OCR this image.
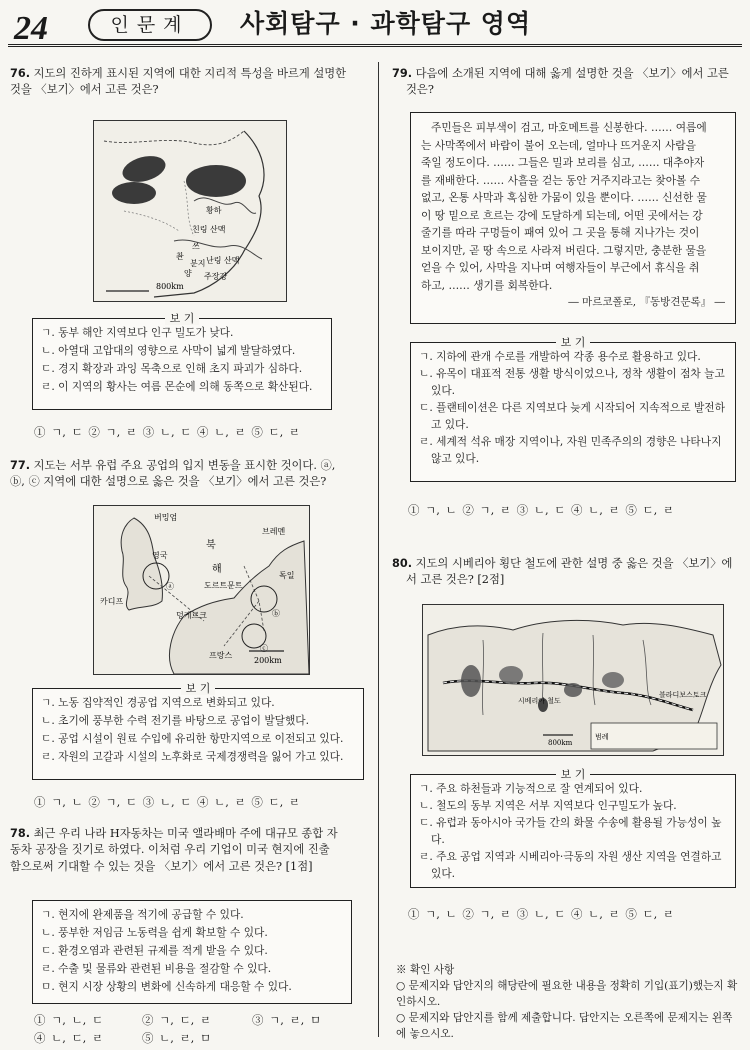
24	인문계	사회탐구 · 과학탐구 영역
76. 지도의 진하게 표시된 지역에 대한 지리적 특성을 바르게 설명한
것을 〈보기〉에서 고른 것은?
황하
친링 산맥
쓰
촨
분지 난링 산맥
주장강
양
800km
보 기
ㄱ. 동부 해안 지역보다 인구 밀도가 낮다.
ㄴ. 아열대 고압대의 영향으로 사막이 넓게 발달하였다.
ㄷ. 경지 확장과 과잉 목축으로 인해 초지 파괴가 심하다.
ㄹ. 이 지역의 황사는 여름 몬순에 의해 동쪽으로 확산된다.
① ㄱ, ㄷ ② ㄱ, ㄹ ③ ㄴ, ㄷ ④ ㄴ, ㄹ ⑤ ㄷ, ㄹ
77. 지도는 서부 유럽 주요 공업의 입지 변동을 표시한 것이다. ⓐ,
ⓑ, ⓒ 지역에 대한 설명으로 옳은 것을 〈보기〉에서 고른 것은?
버밍엄
북
해
브레멘
영국
도르트문트
독일
카디프
덩케르크
프랑스
200km
ⓐ
ⓑ
ⓒ
보 기
ㄱ. 노동 집약적인 경공업 지역으로 변화되고 있다.
ㄴ. 초기에 풍부한 수력 전기를 바탕으로 공업이 발달했다.
ㄷ. 공업 시설이 원료 수입에 유리한 항만지역으로 이전되고 있다.
ㄹ. 자원의 고갈과 시설의 노후화로 국제경쟁력을 잃어 가고 있다.
① ㄱ, ㄴ ② ㄱ, ㄷ ③ ㄴ, ㄷ ④ ㄴ, ㄹ ⑤ ㄷ, ㄹ
78. 최근 우리 나라 H자동차는 미국 앨라배마 주에 대규모 종합 자
동차 공장을 짓기로 하였다. 이처럼 우리 기업이 미국 현지에 진출
함으로써 기대할 수 있는 것을 〈보기〉에서 고른 것은? [1점]
ㄱ. 현지에 완제품을 적기에 공급할 수 있다.
ㄴ. 풍부한 저임금 노동력을 쉽게 확보할 수 있다.
ㄷ. 환경오염과 관련된 규제를 적게 받을 수 있다.
ㄹ. 수출 및 물류와 관련된 비용을 절감할 수 있다.
ㅁ. 현지 시장 상황의 변화에 신속하게 대응할 수 있다.
① ㄱ, ㄴ, ㄷ	② ㄱ, ㄷ, ㄹ	③ ㄱ, ㄹ, ㅁ
④ ㄴ, ㄷ, ㄹ	⑤ ㄴ, ㄹ, ㅁ
79. 다음에 소개된 지역에 대해 옳게 설명한 것을 〈보기〉에서 고른
것은?
주민들은 피부색이 검고, 마호메트를 신봉한다. …… 여름에
는 사막쪽에서 바람이 불어 오는데, 얼마나 뜨거운지 사람을
죽일 정도이다. …… 그들은 밀과 보리를 심고, …… 대추야자
를 재배한다. …… 사흘을 걷는 동안 거주지라고는 찾아볼 수
없고, 온통 사막과 혹심한 가뭄이 있을 뿐이다. …… 신선한 물
이 땅 밑으로 흐르는 강에 도달하게 되는데, 어떤 곳에서는 강
줄기를 따라 구멍들이 패여 있어 그 곳을 통해 지나가는 것이
보이지만, 곧 땅 속으로 사라져 버린다. 그렇지만, 충분한 물을
얻을 수 있어, 사막을 지나며 여행자들이 부근에서 휴식을 취
하고, …… 생기를 회복한다.
― 마르코폴로, 『동방견문록』 ―
보 기
ㄱ. 지하에 관개 수로를 개발하여 각종 용수로 활용하고 있다.
ㄴ. 유목이 대표적 전통 생활 방식이었으나, 정착 생활이 점차 늘고 있다.
ㄷ. 플랜테이션은 다른 지역보다 늦게 시작되어 지속적으로 발전하고 있다.
ㄹ. 세계적 석유 매장 지역이나, 자원 민족주의의 경향은 나타나지 않고 있다.
① ㄱ, ㄴ ② ㄱ, ㄹ ③ ㄴ, ㄷ ④ ㄴ, ㄹ ⑤ ㄷ, ㄹ
80. 지도의 시베리아 횡단 철도에 관한 설명 중 옳은 것을 〈보기〉에
서 고른 것은? [2점]
시베리아 철도
블라디보스토크
800km
범례
보 기
ㄱ. 주요 하천들과 기능적으로 잘 연계되어 있다.
ㄴ. 철도의 동부 지역은 서부 지역보다 인구밀도가 높다.
ㄷ. 유럽과 동아시아 국가들 간의 화물 수송에 활용될 가능성이 높다.
ㄹ. 주요 공업 지역과 시베리아·극동의 자원 생산 지역을 연결하고 있다.
① ㄱ, ㄴ ② ㄱ, ㄹ ③ ㄴ, ㄷ ④ ㄴ, ㄹ ⑤ ㄷ, ㄹ
※ 확인 사항
○ 문제지와 답안지의 해당란에 필요한 내용을 정확히 기입(표기)했는지 확인하시오.
○ 문제지와 답안지를 함께 제출합니다. 답안지는 오른쪽에 문제지는 왼쪽에 놓으시오.
